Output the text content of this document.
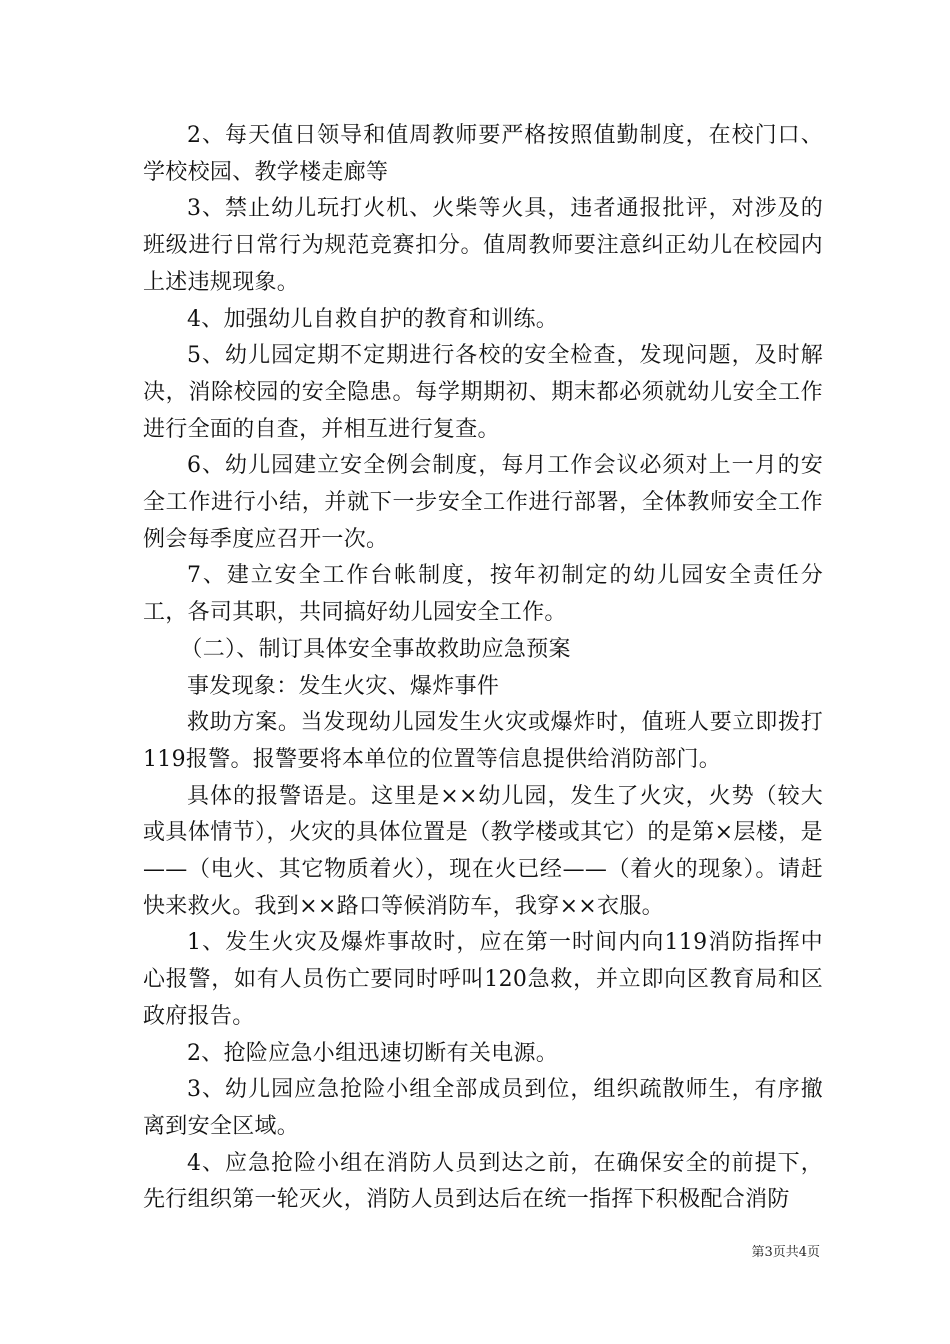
2、每天值日领导和值周教师要严格按照值勤制度，在校门口、学校校园、教学楼走廊等

3、禁止幼儿玩打火机、火柴等火具，违者通报批评，对涉及的班级进行日常行为规范竞赛扣分。值周教师要注意纠正幼儿在校园内上述违规现象。

4、加强幼儿自救自护的教育和训练。

5、幼儿园定期不定期进行各校的安全检查，发现问题，及时解决，消除校园的安全隐患。每学期期初、期末都必须就幼儿安全工作进行全面的自查，并相互进行复查。

6、幼儿园建立安全例会制度，每月工作会议必须对上一月的安全工作进行小结，并就下一步安全工作进行部署，全体教师安全工作例会每季度应召开一次。

7、建立安全工作台帐制度，按年初制定的幼儿园安全责任分工，各司其职，共同搞好幼儿园安全工作。

（二）、制订具体安全事故救助应急预案

事发现象：发生火灾、爆炸事件

救助方案。当发现幼儿园发生火灾或爆炸时，值班人要立即拨打119报警。报警要将本单位的位置等信息提供给消防部门。

具体的报警语是。这里是××幼儿园，发生了火灾，火势（较大或具体情节），火灾的具体位置是（教学楼或其它）的是第×层楼，是——（电火、其它物质着火），现在火已经——（着火的现象）。请赶快来救火。我到××路口等候消防车，我穿××衣服。

1、发生火灾及爆炸事故时，应在第一时间内向119消防指挥中心报警，如有人员伤亡要同时呼叫120急救，并立即向区教育局和区政府报告。

2、抢险应急小组迅速切断有关电源。

3、幼儿园应急抢险小组全部成员到位，组织疏散师生，有序撤离到安全区域。

4、应急抢险小组在消防人员到达之前，在确保安全的前提下，先行组织第一轮灭火，消防人员到达后在统一指挥下积极配合消防

第3页共4页
